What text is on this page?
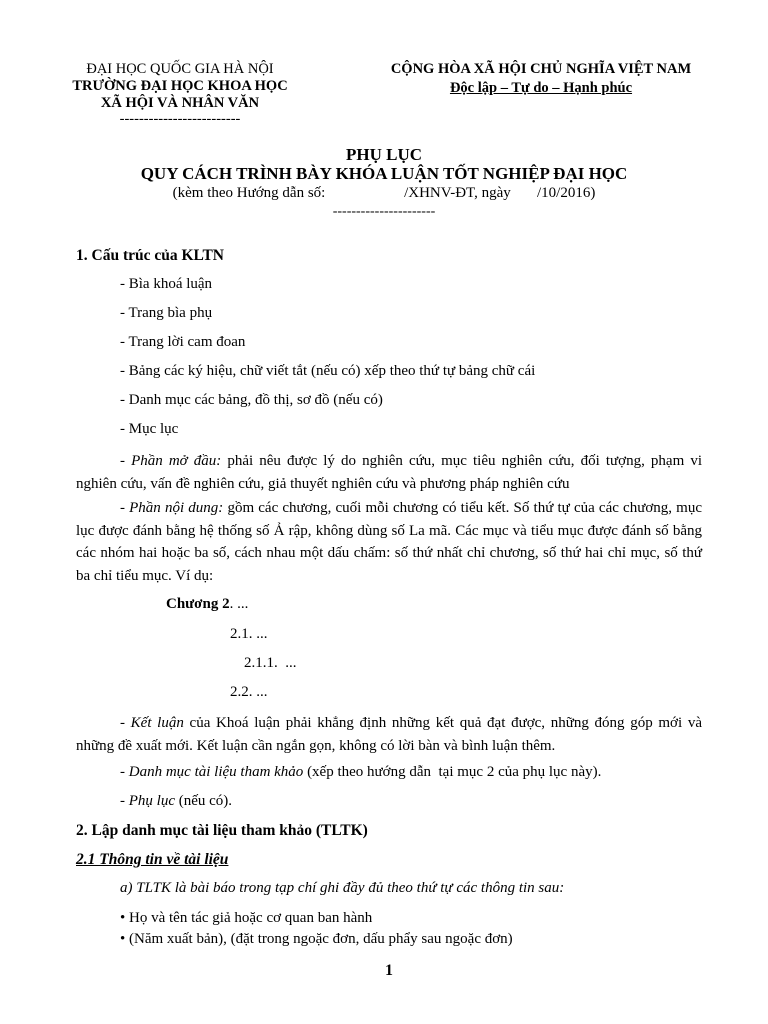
ĐẠI HỌC QUỐC GIA HÀ NỘI
TRƯỜNG ĐẠI HỌC KHOA HỌC
XÃ HỘI VÀ NHÂN VĂN
-------------------------
CỘNG HÒA XÃ HỘI CHỦ NGHĨA VIỆT NAM
Độc lập – Tự do – Hạnh phúc
PHỤ LỤC
QUY CÁCH TRÌNH BÀY KHÓA LUẬN TỐT NGHIỆP ĐẠI HỌC
(kèm theo Hướng dẫn số:                     /XHNV-ĐT, ngày       /10/2016)
----------------------
1. Cấu trúc của KLTN
- Bìa khoá luận
- Trang bìa phụ
- Trang lời cam đoan
- Bảng các ký hiệu, chữ viết tắt (nếu có) xếp theo thứ tự bảng chữ cái
- Danh mục các bảng, đồ thị, sơ đồ (nếu có)
- Mục lục
- Phần mở đầu: phải nêu được lý do nghiên cứu, mục tiêu nghiên cứu, đối tượng, phạm vi nghiên cứu, vấn đề nghiên cứu, giả thuyết nghiên cứu và phương pháp nghiên cứu
- Phần nội dung: gồm các chương, cuối mỗi chương có tiểu kết. Số thứ tự của các chương, mục lục được đánh bằng hệ thống số Ả rập, không dùng số La mã. Các mục và tiểu mục được đánh số bằng các nhóm hai hoặc ba số, cách nhau một dấu chấm: số thứ nhất chỉ chương, số thứ hai chỉ mục, số thứ ba chỉ tiểu mục. Ví dụ:
Chương 2. ...
2.1. ...
2.1.1.  ...
2.2. ...
- Kết luận của Khoá luận phải khẳng định những kết quả đạt được, những đóng góp mới và những đề xuất mới. Kết luận cần ngắn gọn, không có lời bàn và bình luận thêm.
- Danh mục tài liệu tham khảo (xếp theo hướng dẫn  tại mục 2 của phụ lục này).
- Phụ lục (nếu có).
2. Lập danh mục tài liệu tham khảo (TLTK)
2.1 Thông tin về tài liệu
a) TLTK là bài báo trong tạp chí ghi đầy đủ theo thứ tự các thông tin sau:
• Họ và tên tác giả hoặc cơ quan ban hành
• (Năm xuất bản), (đặt trong ngoặc đơn, dấu phẩy sau ngoặc đơn)
1
